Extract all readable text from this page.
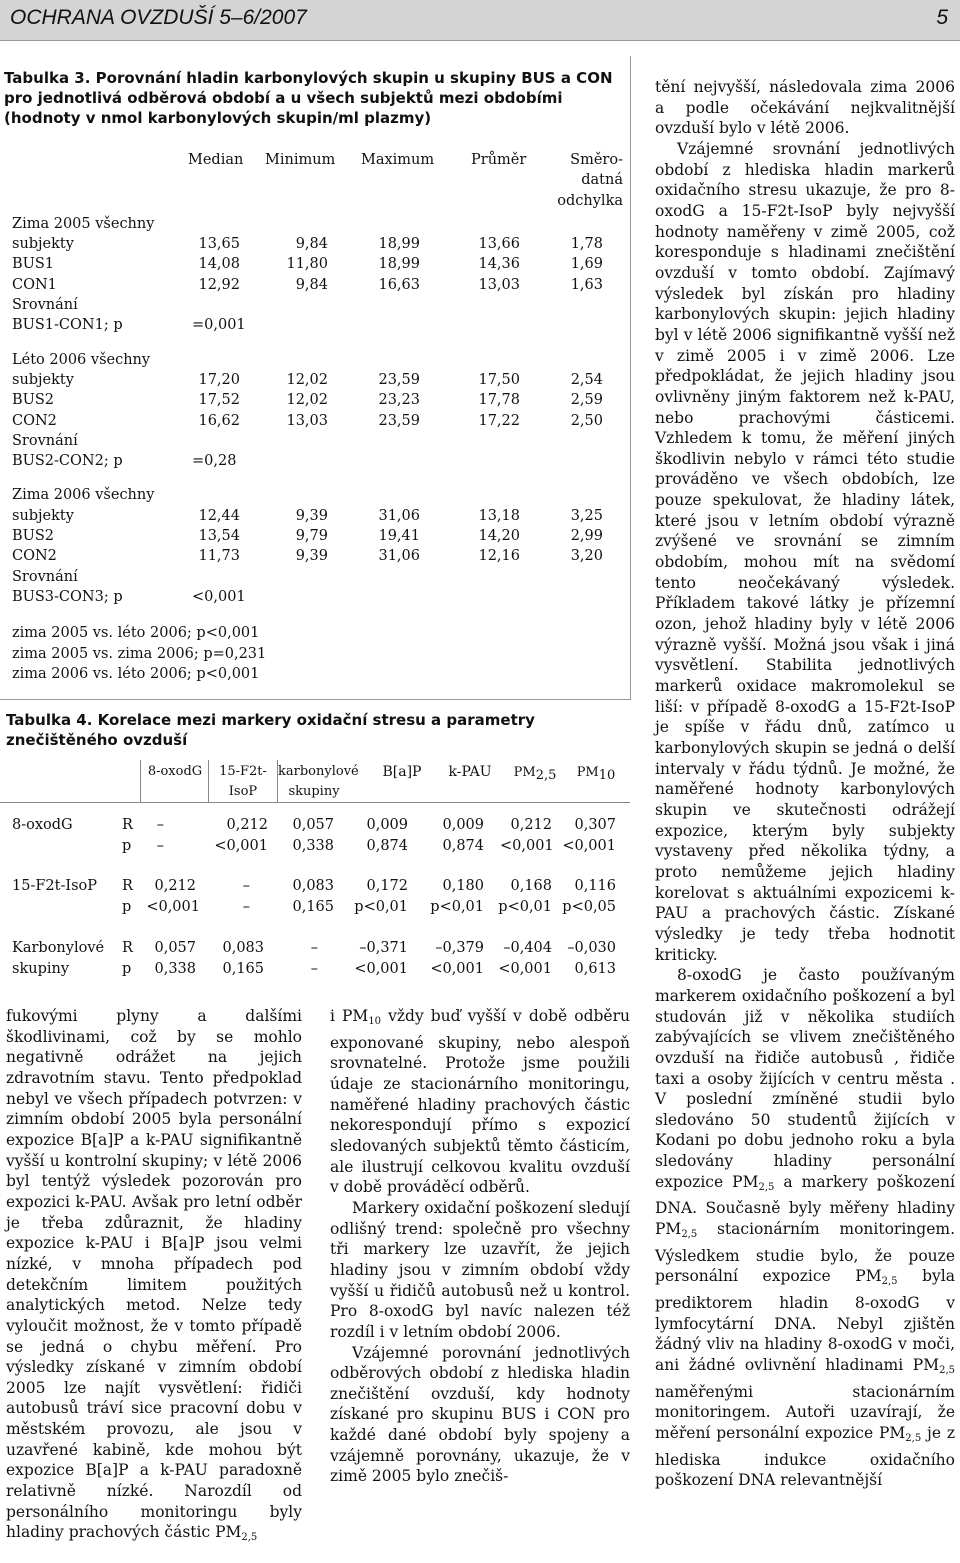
OCHRANA OVZDUŠÍ 5–6/2007	5
Tabulka 3. Porovnání hladin karbonylových skupin u skupiny BUS a CON pro jednotlivá odběrová období a u všech subjektů mezi obdobími (hodnoty v nmol karbonylových skupin/ml plazmy)
Median Minimum Maximum	Průměr	Směro-
datná
odchylka
Zima 2005 všechny
subjekty	13,65	9,84	18,99	13,66	1,78
BUS1	14,08	11,80	18,99	14,36	1,69
CON1	12,92	9,84	16,63	13,03	1,63
Srovnání
BUS1-CON1; p	=0,001
Léto 2006 všechny
subjekty	17,20	12,02	23,59	17,50	2,54
BUS2	17,52	12,02	23,23	17,78	2,59
CON2	16,62	13,03	23,59	17,22	2,50
Srovnání
BUS2-CON2; p	=0,28
Zima 2006 všechny
subjekty	12,44	9,39	31,06	13,18	3,25
BUS2	13,54	9,79	19,41	14,20	2,99
CON2	11,73	9,39	31,06	12,16	3,20
Srovnání
BUS3-CON3; p	<0,001
zima 2005 vs. léto 2006; p<0,001
zima 2005 vs. zima 2006; p=0,231
zima 2006 vs. léto 2006; p<0,001
Tabulka 4. Korelace mezi markery oxidační stresu a parametry znečištěného ovzduší
8-oxodG	15-F2t-IsoP
karbonylové
skupiny
B[a]P	k-PAU	PM2,5	PM10
8-oxodG	R	–	0,212	0,057	0,009	0,009	0,212	0,307
p	–	<0,001	0,338	0,874	0,874 <0,001 <0,001
15-F2t-IsoP R	0,212	–	0,083	0,172	0,180	0,168	0,116
p	<0,001	–	0,165 p<0,01 p<0,01 p<0,01 p<0,05
Karbonylové R	0,057	0,083	–	–0,371	–0,379	–0,404	–0,030
skupiny	p	0,338	0,165	–	<0,001 <0,001 <0,001	0,613

fukovými plyny a dalšími škodlivinami, což by se mohlo negativně odrážet na jejich zdravotním stavu. Tento předpoklad nebyl ve všech případech potvrzen: v zimním období 2005 byla personální expozice B[a]P a k-PAU signifikantně vyšší u kontrolní skupiny; v létě 2006 byl tentýž výsledek pozorován pro expozici k-PAU. Avšak pro letní odběr je třeba zdůraznit, že hladiny expozice k-PAU i B[a]P jsou velmi nízké, v mnoha případech pod detekčním limitem použitých analytických metod. Nelze tedy vyloučit možnost, že v tomto případě se jedná o chybu měření. Pro výsledky získané v zimním období 2005 lze najít vysvětlení: řidiči autobusů tráví sice pracovní dobu v městském provozu, ale jsou v uzavřené kabině, kde mohou být expozice B[a]P a k-PAU paradoxně relativně nízké. Narozdíl od personálního monitoringu byly hladiny prachových částic $PM_{2,5}$

i $PM_{10}$ vždy buď vyšší v době odběru exponované skupiny, nebo alespoň srovnatelné. Protože jsme použili údaje ze stacionárního monitoringu, naměřené hladiny prachových částic nekorespondují přímo s expozicí sledovaných subjektů těmto částicím, ale ilustrují celkovou kvalitu ovzduší v době prováděcí odběrů.

Markery oxidační poškození sledují odlišný trend: společně pro všechny tři markery lze uzavřít, že jejich hladiny jsou v zimním období vždy vyšší u řidičů autobusů než u kontrol. Pro 8-oxodG byl navíc nalezen též rozdíl i v letním období 2006.

Vzájemné porovnání jednotlivých odběrových období z hlediska hladin znečištění ovzduší, kdy hodnoty získané pro skupinu BUS i CON pro každé dané období byly spojeny a vzájemně porovnány, ukazuje, že v zimě 2005 bylo znečiš-

tění nejvyšší, následovala zima 2006 a podle očekávání nejkvalitnější ovzduší bylo v létě 2006.

Vzájemné srovnání jednotlivých období z hlediska hladin markerů oxidačního stresu ukazuje, že pro 8-oxodG a 15-F2t-IsoP byly nejvyšší hodnoty naměřeny v zimě 2005, což koresponduje s hladinami znečištění ovzduší v tomto období. Zajímavý výsledek byl získán pro hladiny karbonylových skupin: jejich hladiny byl v létě 2006 signifikantně vyšší než v zimě 2005 i v zimě 2006. Lze předpokládat, že jejich hladiny jsou ovlivněny jiným faktorem než k-PAU, nebo prachovými částicemi. Vzhledem k tomu, že měření jiných škodlivin nebylo v rámci této studie prováděno ve všech obdobích, lze pouze spekulovat, že hladiny látek, které jsou v letním období výrazně zvýšené ve srovnání se zimním obdobím, mohou mít na svědomí tento neočekávaný výsledek. Příkladem takové látky je přízemní ozon, jehož hladiny byly v létě 2006 výrazně vyšší. Možná jsou však i jiná vysvětlení. Stabilita jednotlivých markerů oxidace makromolekul se liší: v případě 8-oxodG a 15-F2t-IsoP je spíše v řádu dnů, zatímco u karbonylových skupin se jedná o delší intervaly v řádu týdnů. Je možné, že naměřené hodnoty karbonylových skupin ve skutečnosti odrážejí expozice, kterým byly subjekty vystaveny před několika týdny, a proto nemůžeme jejich hladiny korelovat s aktuálními expozicemi k-PAU a prachových částic. Získané výsledky je tedy třeba hodnotit kriticky.

8-oxodG je často používaným markerem oxidačního poškození a byl studován již v několika studiích zabývajících se vlivem znečištěného ovzduší na řidiče autobusů , řidiče taxi a osoby žijících v centru města . V poslední zmíněné studii bylo sledováno 50 studentů žijících v Kodani po dobu jednoho roku a byla sledovány hladiny personální expozice $PM_{2,5}$ a markery poškození DNA. Současně byly měřeny hladiny $PM_{2,5}$ stacionárním monitoringem. Výsledkem studie bylo, že pouze personální expozice $PM_{2,5}$ byla prediktorem hladin 8-oxodG v lymfocytární DNA. Nebyl zjištěn žádný vliv na hladiny 8-oxodG v moči, ani žádné ovlivnění hladinami $PM_{2,5}$ naměřenými stacionárním monitoringem. Autoři uzavírají, že měření personální expozice $PM_{2,5}$ je z hlediska indukce oxidačního poškození DNA relevantnější
